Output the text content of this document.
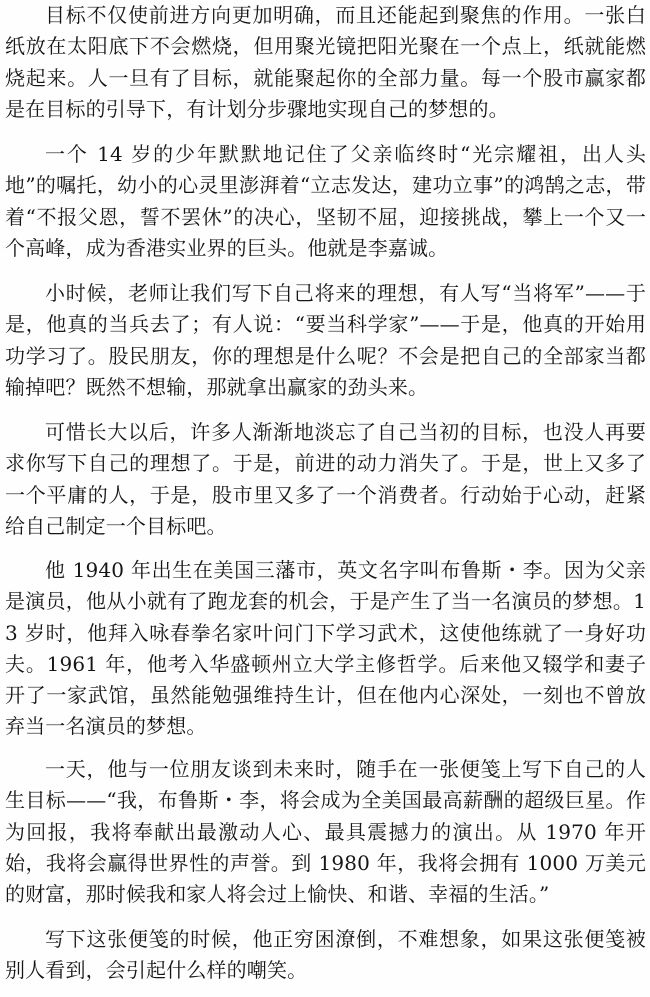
目标不仅使前进方向更加明确，而且还能起到聚焦的作用。一张白纸放在太阳底下不会燃烧，但用聚光镜把阳光聚在一个点上，纸就能燃烧起来。人一旦有了目标，就能聚起你的全部力量。每一个股市赢家都是在目标的引导下，有计划分步骤地实现自己的梦想的。

一个 14 岁的少年默默地记住了父亲临终时“光宗耀祖，出人头地”的嘱托，幼小的心灵里澎湃着“立志发达，建功立事”的鸿鹄之志，带着“不报父恩，誓不罢休”的决心，坚韧不屈，迎接挑战，攀上一个又一个高峰，成为香港实业界的巨头。他就是李嘉诚。

小时候，老师让我们写下自己将来的理想，有人写“当将军”——于是，他真的当兵去了；有人说：“要当科学家”——于是，他真的开始用功学习了。股民朋友，你的理想是什么呢？不会是把自己的全部家当都输掉吧？既然不想输，那就拿出赢家的劲头来。

可惜长大以后，许多人渐渐地淡忘了自己当初的目标，也没人再要求你写下自己的理想了。于是，前进的动力消失了。于是，世上又多了一个平庸的人，于是，股市里又多了一个消费者。行动始于心动，赶紧给自己制定一个目标吧。

他 1940 年出生在美国三藩市，英文名字叫布鲁斯・李。因为父亲是演员，他从小就有了跑龙套的机会，于是产生了当一名演员的梦想。13 岁时，他拜入咏春拳名家叶问门下学习武术，这使他练就了一身好功夫。1961 年，他考入华盛顿州立大学主修哲学。后来他又辍学和妻子开了一家武馆，虽然能勉强维持生计，但在他内心深处，一刻也不曾放弃当一名演员的梦想。

一天，他与一位朋友谈到未来时，随手在一张便笺上写下自己的人生目标——“我，布鲁斯・李，将会成为全美国最高薪酬的超级巨星。作为回报，我将奉献出最激动人心、最具震撼力的演出。从 1970 年开始，我将会赢得世界性的声誉。到 1980 年，我将会拥有 1000 万美元的财富，那时候我和家人将会过上愉快、和谐、幸福的生活。”

写下这张便笺的时候，他正穷困潦倒，不难想象，如果这张便笺被别人看到，会引起什么样的嘲笑。
